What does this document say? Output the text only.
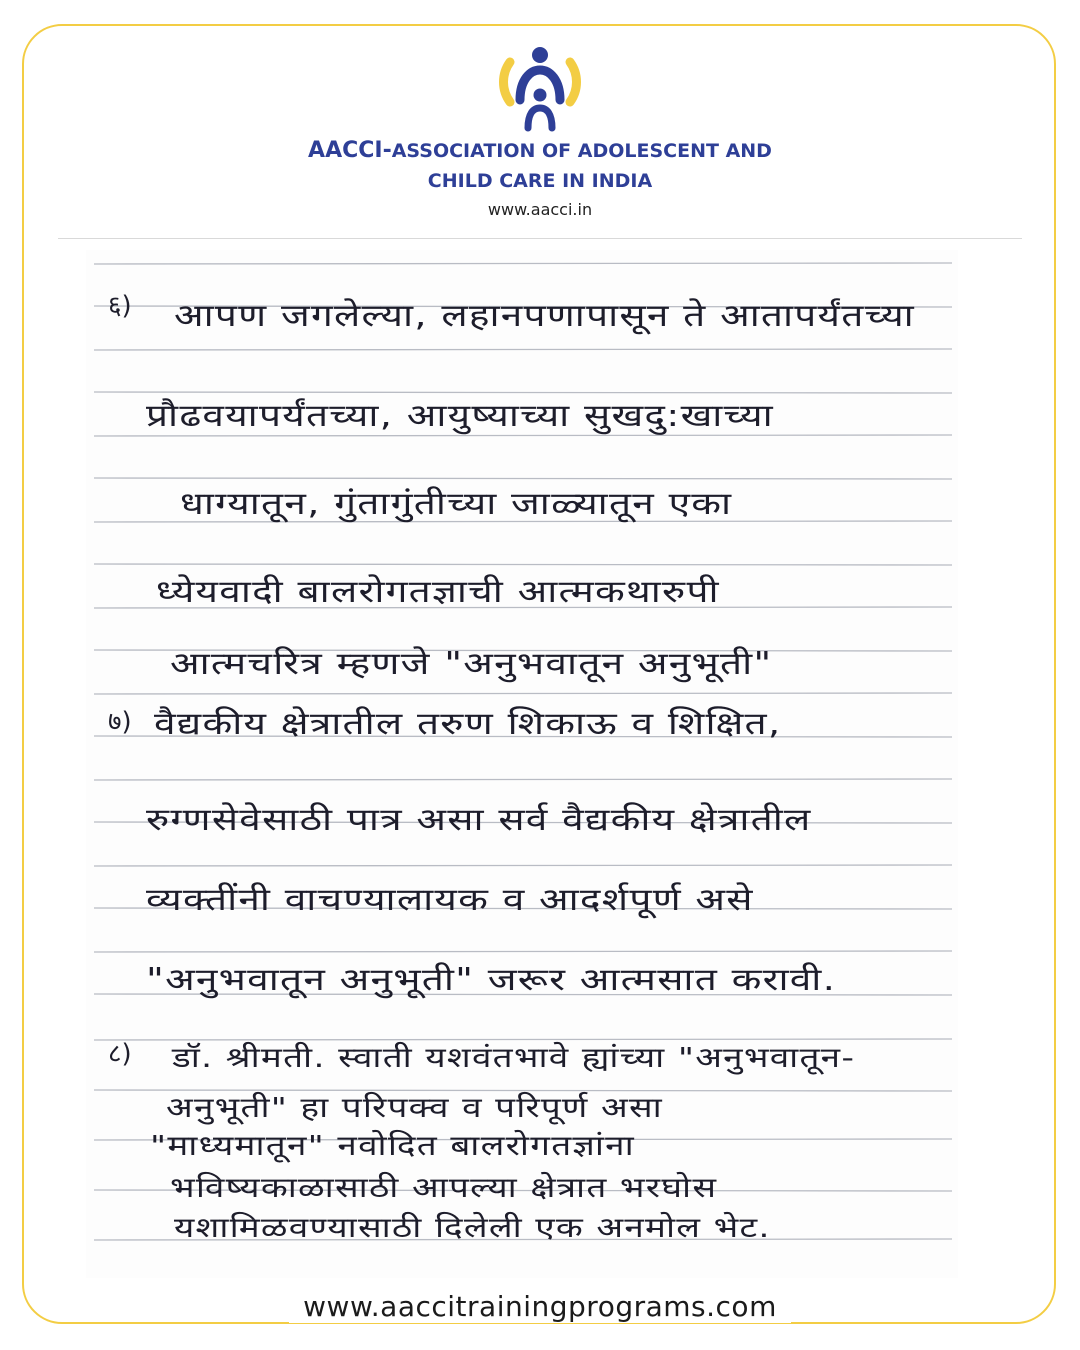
AACCI-ASSOCIATION OF ADOLESCENT AND
CHILD CARE IN INDIA
www.aacci.in
६) आपण जगलेल्या, लहानपणापासून ते आतापर्यंतच्या
प्रौढवयापर्यंतच्या, आयुष्याच्या सुखदु:खाच्या
धाग्यातून, गुंतागुंतीच्या जाळ्यातून एका
ध्येयवादी बालरोगतज्ञाची आत्मकथारुपी
आत्मचरित्र म्हणजे "अनुभवातून अनुभूती"
७) वैद्यकीय क्षेत्रातील तरुण शिकाऊ व शिक्षित,
रुग्णसेवेसाठी पात्र असा सर्व वैद्यकीय क्षेत्रातील
व्यक्तींनी वाचण्यालायक व आदर्शपूर्ण असे
"अनुभवातून अनुभूती" जरूर आत्मसात करावी.
८) डॉ. श्रीमती. स्वाती यशवंतभावे ह्यांच्या "अनुभवातून-
अनुभूती" हा परिपक्व व परिपूर्ण असा
"माध्यमातून" नवोदित बालरोगतज्ञांना
भविष्यकाळासाठी आपल्या क्षेत्रात भरघोस
यशामिळवण्यासाठी दिलेली एक अनमोल भेट.
www.aaccitrainingprograms.com
